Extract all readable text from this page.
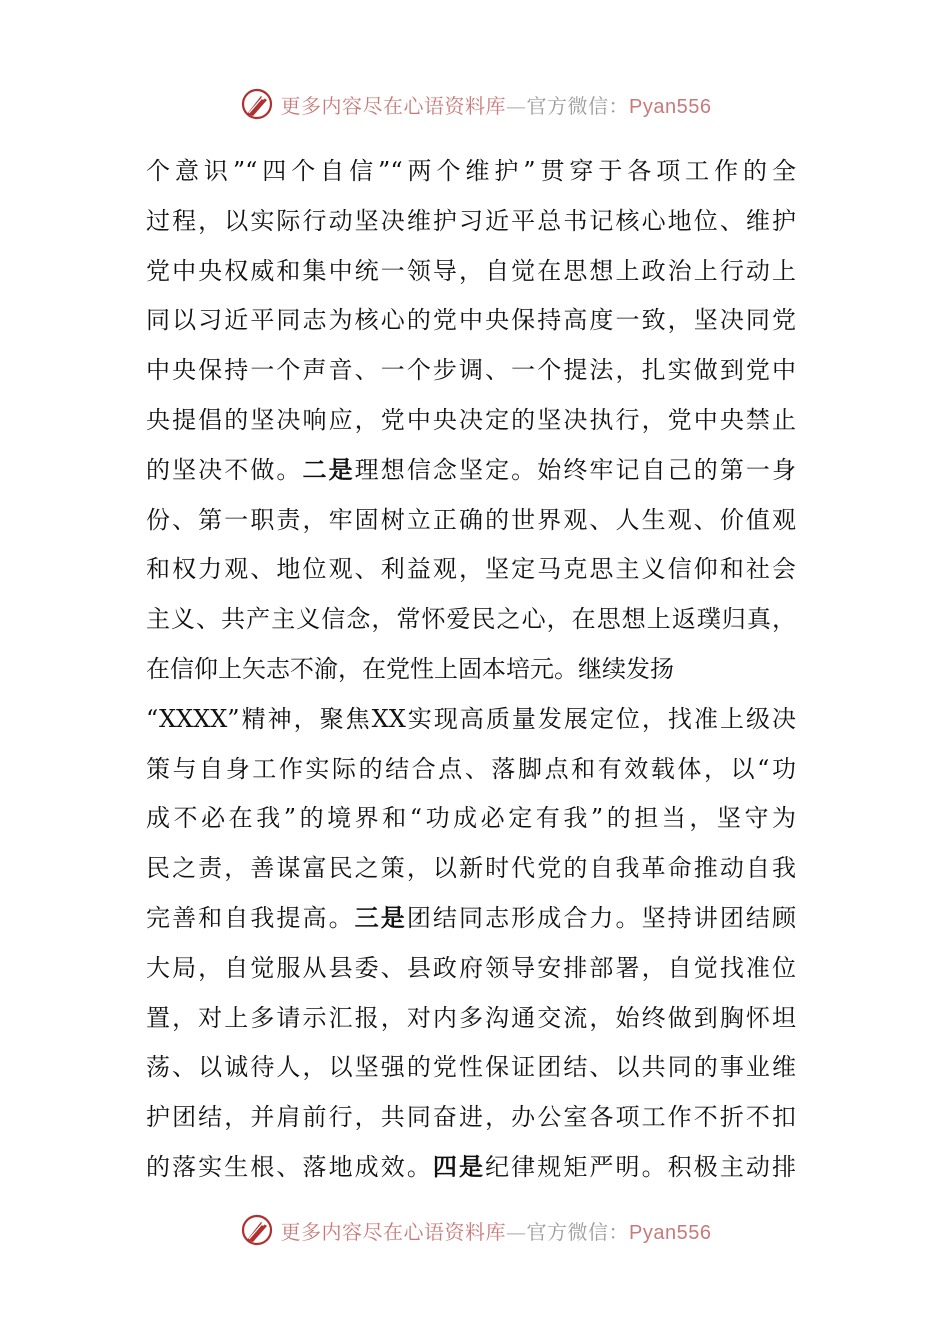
更多内容尽在心语资料库—官方微信：Pyan556
个意识”“四个自信”“两个维护”贯穿于各项工作的全
过程，以实际行动坚决维护习近平总书记核心地位、维护
党中央权威和集中统一领导，自觉在思想上政治上行动上
同以习近平同志为核心的党中央保持高度一致，坚决同党
中央保持一个声音、一个步调、一个提法，扎实做到党中
央提倡的坚决响应，党中央决定的坚决执行，党中央禁止
的坚决不做。二是理想信念坚定。始终牢记自己的第一身
份、第一职责，牢固树立正确的世界观、人生观、价值观
和权力观、地位观、利益观，坚定马克思主义信仰和社会
主义、共产主义信念，常怀爱民之心，在思想上返璞归真，
在信仰上矢志不渝，在党性上固本培元。继续发扬
“XXXX”精神，聚焦XX实现高质量发展定位，找准上级决
策与自身工作实际的结合点、落脚点和有效载体，以“功
成不必在我”的境界和“功成必定有我”的担当，坚守为
民之责，善谋富民之策，以新时代党的自我革命推动自我
完善和自我提高。三是团结同志形成合力。坚持讲团结顾
大局，自觉服从县委、县政府领导安排部署，自觉找准位
置，对上多请示汇报，对内多沟通交流，始终做到胸怀坦
荡、以诚待人，以坚强的党性保证团结、以共同的事业维
护团结，并肩前行，共同奋进，办公室各项工作不折不扣
的落实生根、落地成效。四是纪律规矩严明。积极主动排
更多内容尽在心语资料库—官方微信：Pyan556
